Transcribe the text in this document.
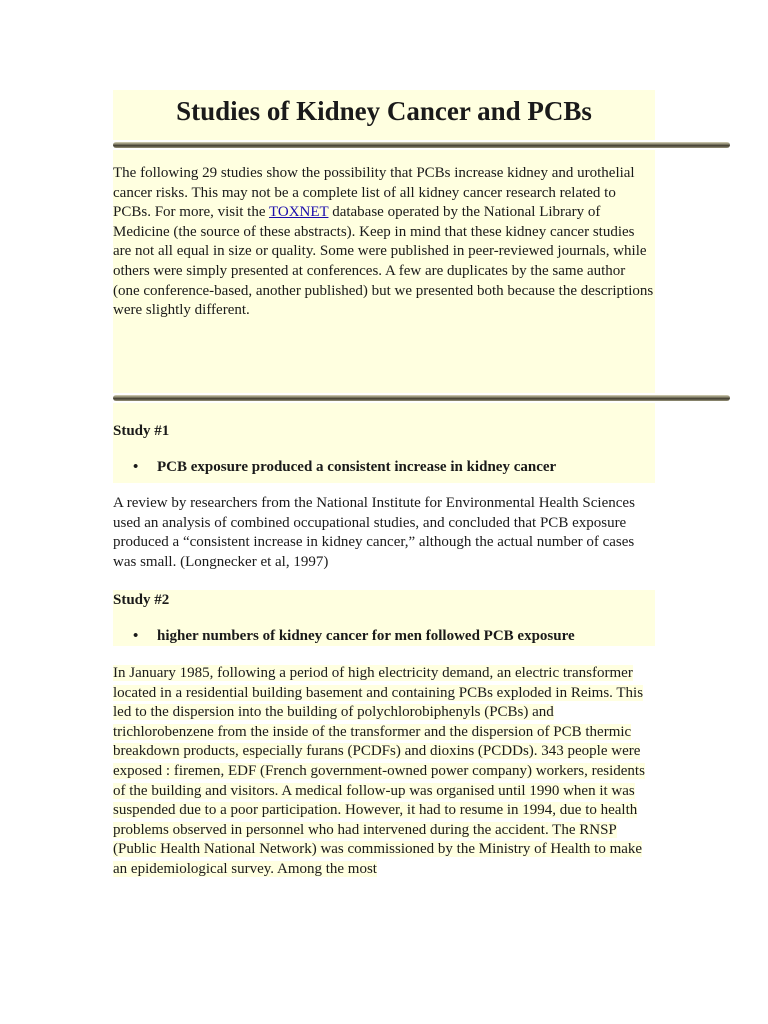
Studies of Kidney Cancer and PCBs

The following 29 studies show the possibility that PCBs increase kidney and urothelial cancer risks. This may not be a complete list of all kidney cancer research related to PCBs. For more, visit the TOXNET database operated by the National Library of Medicine (the source of these abstracts). Keep in mind that these kidney cancer studies are not all equal in size or quality. Some were published in peer-reviewed journals, while others were simply presented at conferences. A few are duplicates by the same author (one conference-based, another published) but we presented both because the descriptions were slightly different.

Study #1

• PCB exposure produced a consistent increase in kidney cancer

A review by researchers from the National Institute for Environmental Health Sciences used an analysis of combined occupational studies, and concluded that PCB exposure produced a “consistent increase in kidney cancer,” although the actual number of cases was small. (Longnecker et al, 1997)

Study #2

• higher numbers of kidney cancer for men followed PCB exposure

In January 1985, following a period of high electricity demand, an electric transformer located in a residential building basement and containing PCBs exploded in Reims. This led to the dispersion into the building of polychlorobiphenyls (PCBs) and trichlorobenzene from the inside of the transformer and the dispersion of PCB thermic breakdown products, especially furans (PCDFs) and dioxins (PCDDs). 343 people were exposed : firemen, EDF (French government-owned power company) workers, residents of the building and visitors. A medical follow-up was organised until 1990 when it was suspended due to a poor participation. However, it had to resume in 1994, due to health problems observed in personnel who had intervened during the accident. The RNSP (Public Health National Network) was commissioned by the Ministry of Health to make an epidemiological survey. Among the most
